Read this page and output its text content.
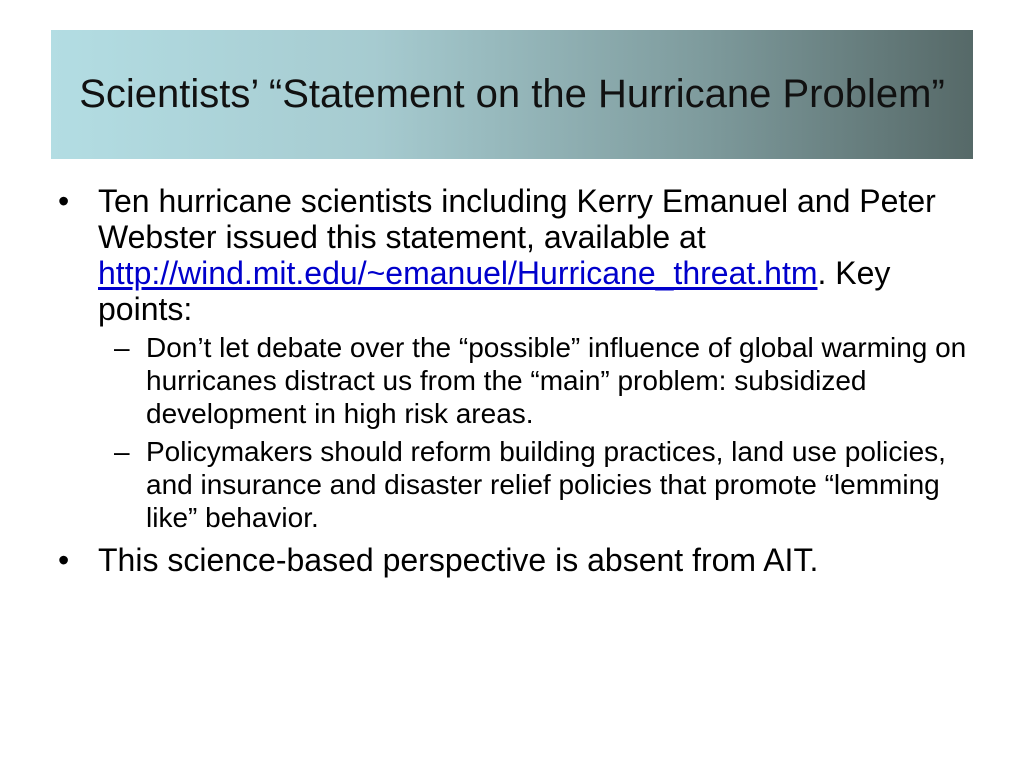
Scientists’ “Statement on the Hurricane Problem”
• Ten hurricane scientists including Kerry Emanuel and Peter Webster issued this statement, available at http://wind.mit.edu/~emanuel/Hurricane_threat.htm. Key points:
– Don’t let debate over the “possible” influence of global warming on hurricanes distract us from the “main” problem: subsidized development in high risk areas.
– Policymakers should reform building practices, land use policies, and insurance and disaster relief policies that promote “lemming like” behavior.
• This science-based perspective is absent from AIT.
